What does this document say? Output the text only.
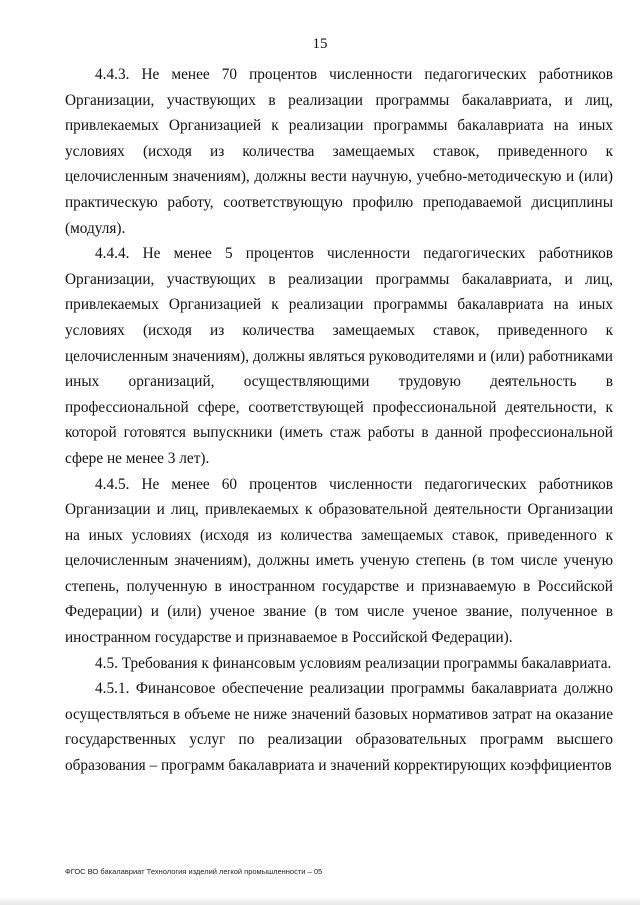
15

4.4.3. Не менее 70 процентов численности педагогических работников Организации, участвующих в реализации программы бакалавриата, и лиц, привлекаемых Организацией к реализации программы бакалавриата на иных условиях (исходя из количества замещаемых ставок, приведенного к целочисленным значениям), должны вести научную, учебно-методическую и (или) практическую работу, соответствующую профилю преподаваемой дисциплины (модуля).

4.4.4. Не менее 5 процентов численности педагогических работников Организации, участвующих в реализации программы бакалавриата, и лиц, привлекаемых Организацией к реализации программы бакалавриата на иных условиях (исходя из количества замещаемых ставок, приведенного к целочисленным значениям), должны являться руководителями и (или) работниками иных организаций, осуществляющими трудовую деятельность в профессиональной сфере, соответствующей профессиональной деятельности, к которой готовятся выпускники (иметь стаж работы в данной профессиональной сфере не менее 3 лет).

4.4.5. Не менее 60 процентов численности педагогических работников Организации и лиц, привлекаемых к образовательной деятельности Организации на иных условиях (исходя из количества замещаемых ставок, приведенного к целочисленным значениям), должны иметь ученую степень (в том числе ученую степень, полученную в иностранном государстве и признаваемую в Российской Федерации) и (или) ученое звание (в том числе ученое звание, полученное в иностранном государстве и признаваемое в Российской Федерации).

4.5. Требования к финансовым условиям реализации программы бакалавриата.

4.5.1. Финансовое обеспечение реализации программы бакалавриата должно осуществляться в объеме не ниже значений базовых нормативов затрат на оказание государственных услуг по реализации образовательных программ высшего образования – программ бакалавриата и значений корректирующих коэффициентов

ФГОС ВО бакалавриат Технология изделий легкой промышленности – 05
